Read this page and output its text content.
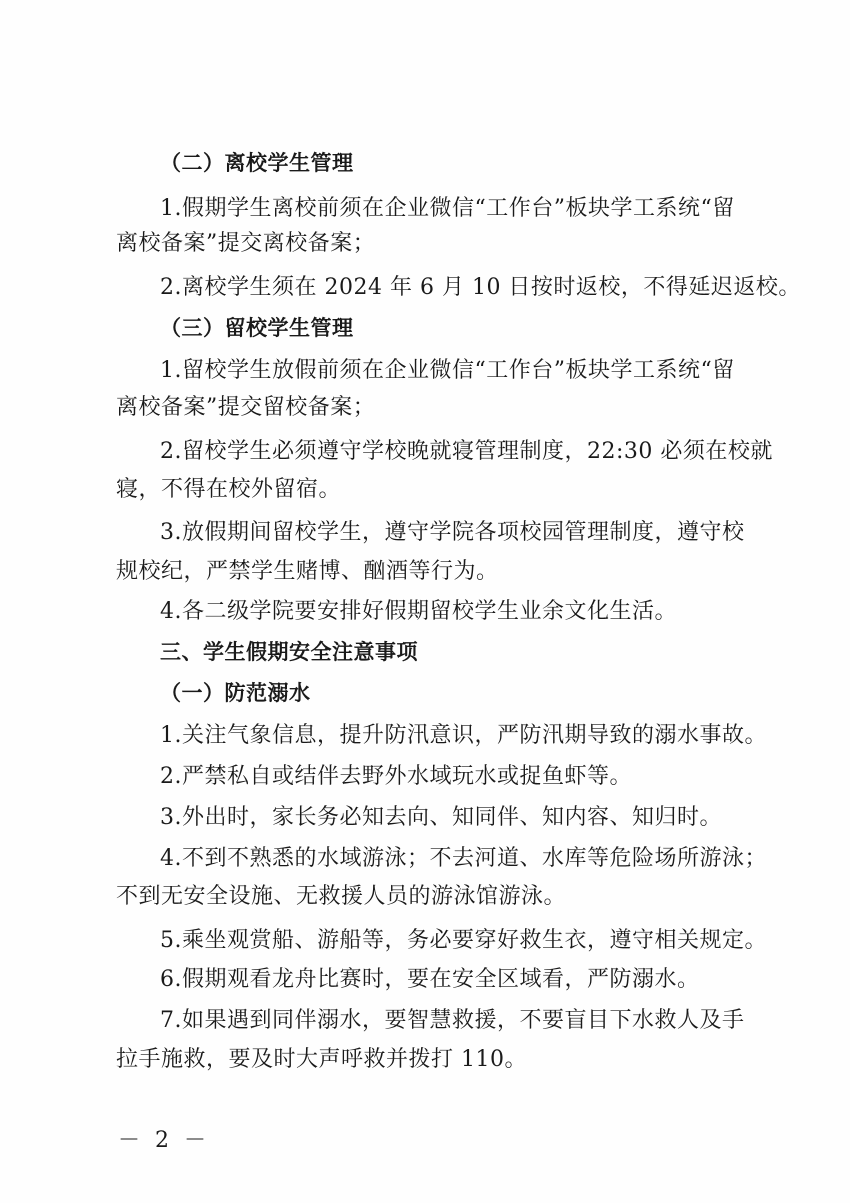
（二）离校学生管理
1.假期学生离校前须在企业微信“工作台”板块学工系统“留
离校备案”提交离校备案；
2.离校学生须在 2024 年 6 月 10 日按时返校，不得延迟返校。
（三）留校学生管理
1.留校学生放假前须在企业微信“工作台”板块学工系统“留
离校备案”提交留校备案；
2.留校学生必须遵守学校晚就寝管理制度，22:30 必须在校就
寝，不得在校外留宿。
3.放假期间留校学生，遵守学院各项校园管理制度，遵守校
规校纪，严禁学生赌博、酗酒等行为。
4.各二级学院要安排好假期留校学生业余文化生活。
三、学生假期安全注意事项
（一）防范溺水
1.关注气象信息，提升防汛意识，严防汛期导致的溺水事故。
2.严禁私自或结伴去野外水域玩水或捉鱼虾等。
3.外出时，家长务必知去向、知同伴、知内容、知归时。
4.不到不熟悉的水域游泳；不去河道、水库等危险场所游泳；
不到无安全设施、无救援人员的游泳馆游泳。
5.乘坐观赏船、游船等，务必要穿好救生衣，遵守相关规定。
6.假期观看龙舟比赛时，要在安全区域看，严防溺水。
7.如果遇到同伴溺水，要智慧救援，不要盲目下水救人及手
拉手施救，要及时大声呼救并拨打 110。
－ 2 －
